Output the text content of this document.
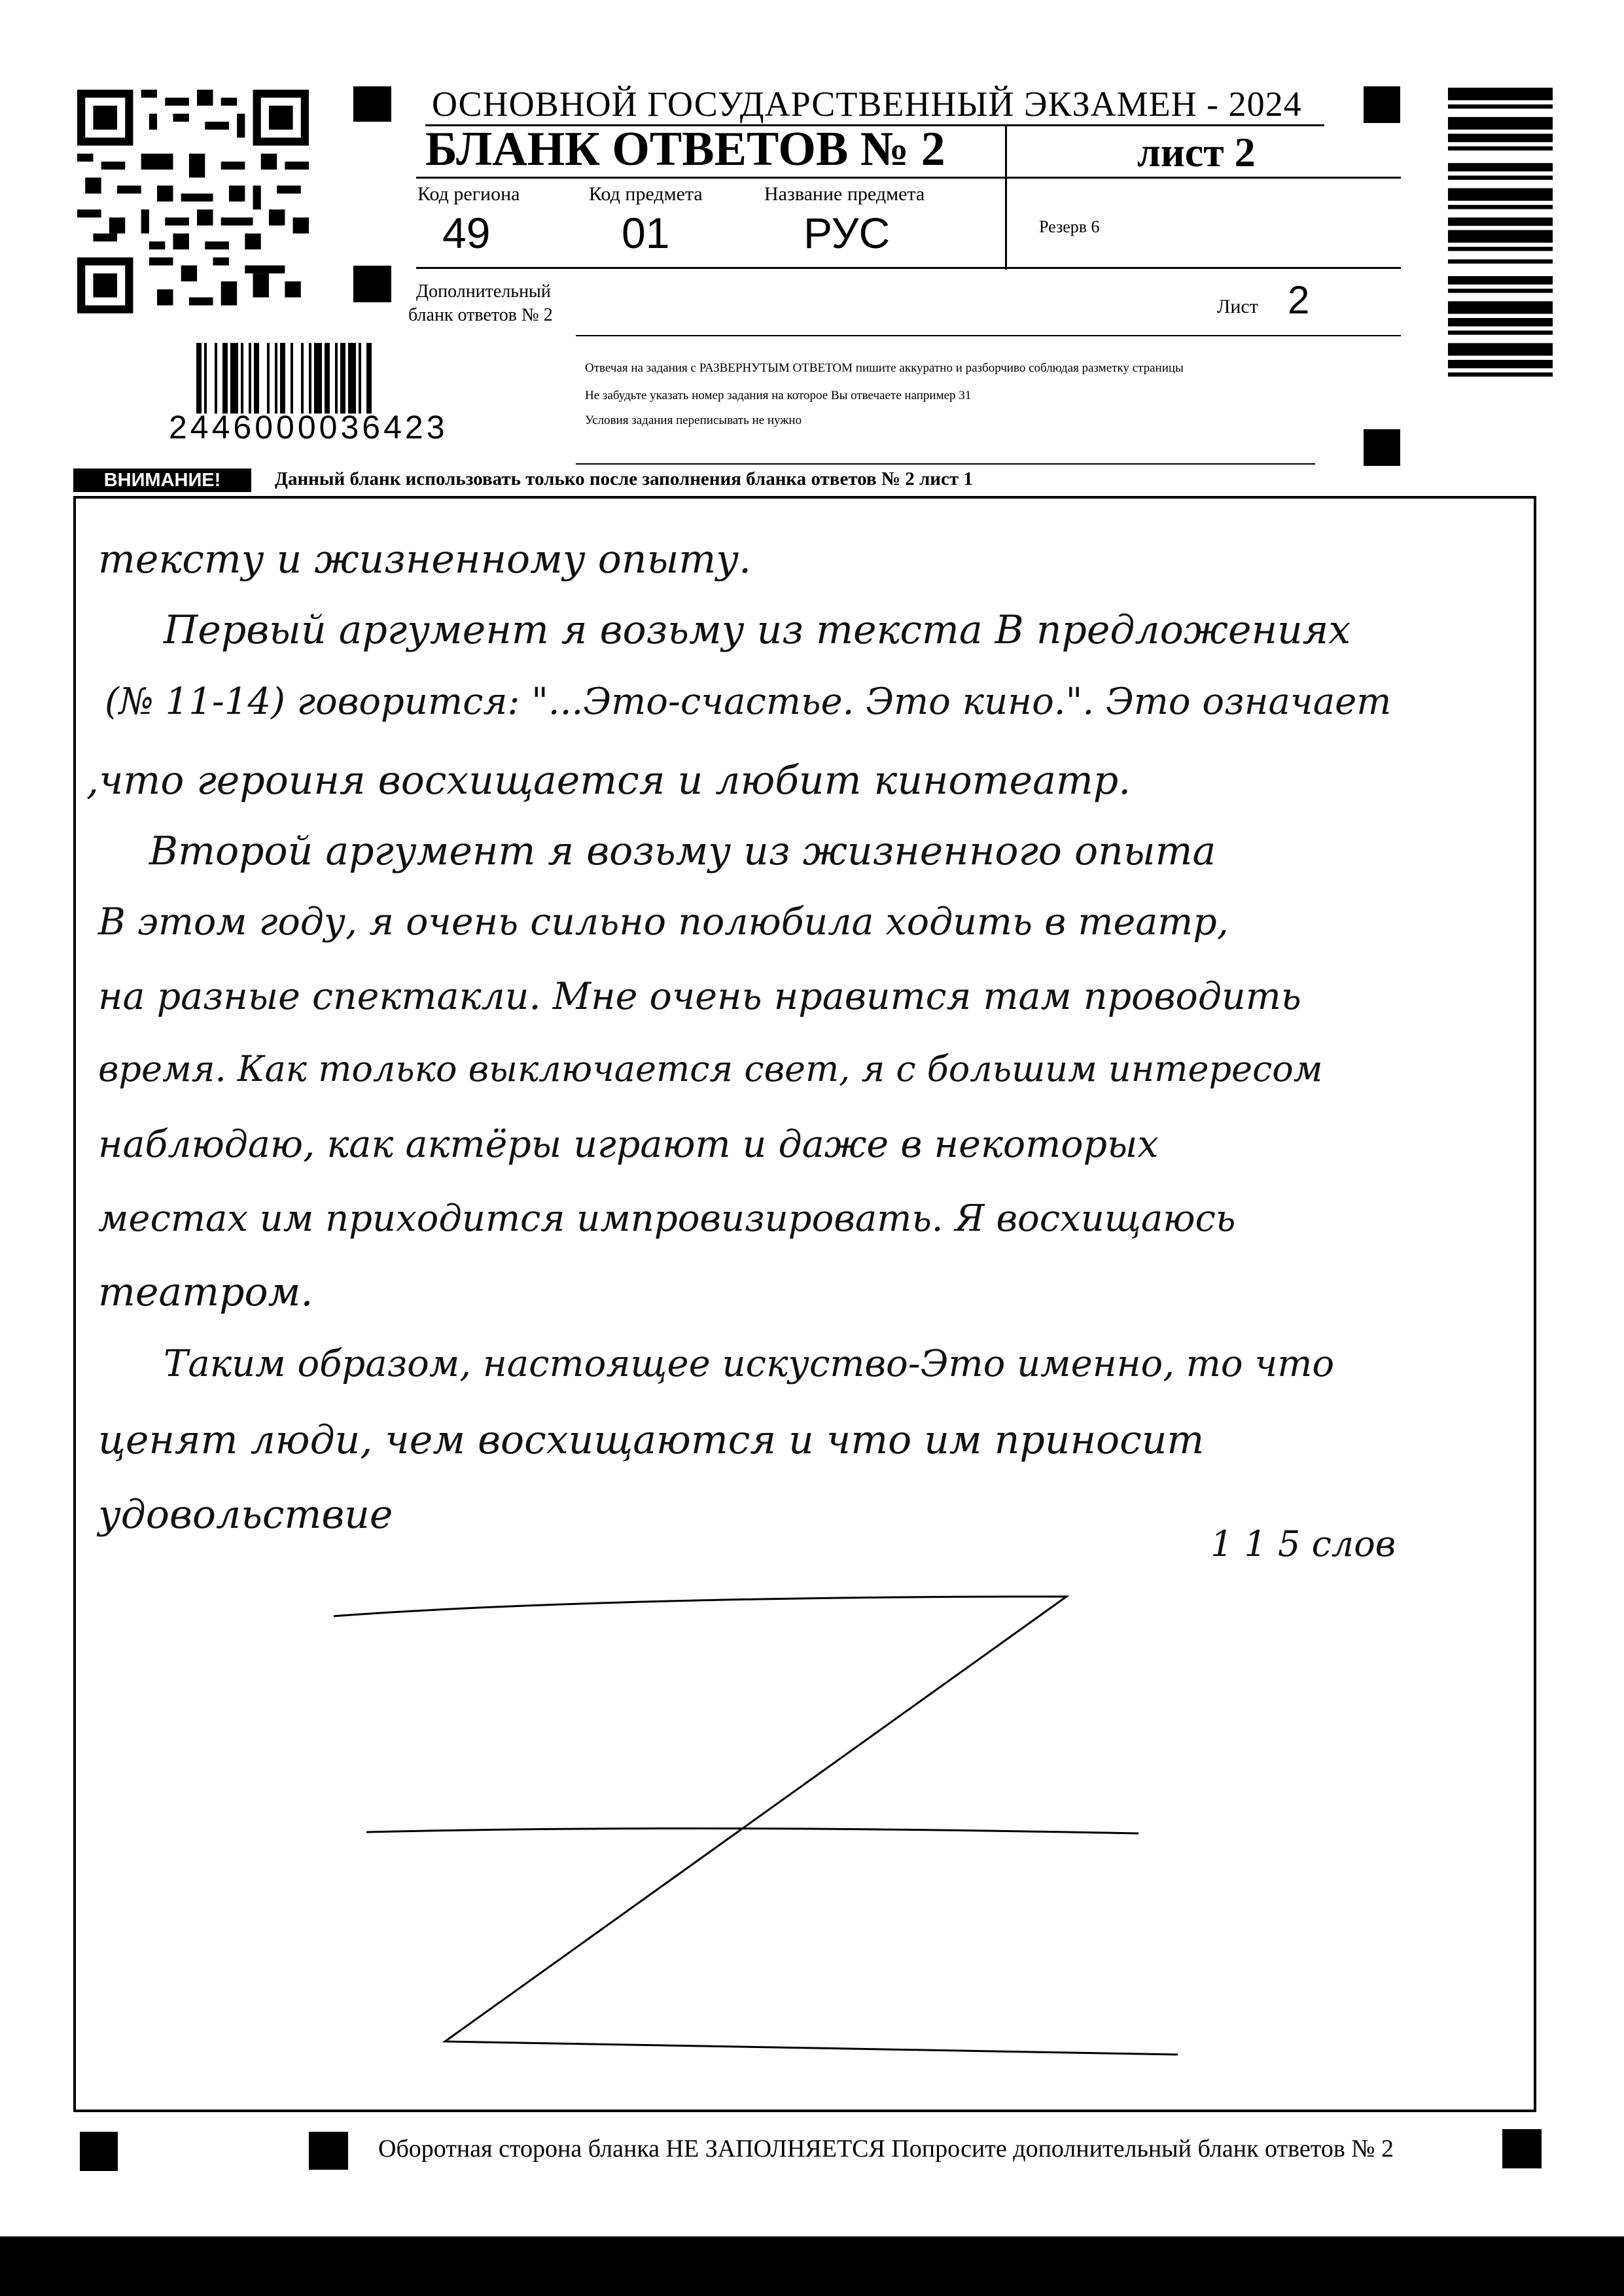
ОСНОВНОЙ ГОСУДАРСТВЕННЫЙ ЭКЗАМЕН - 2024
БЛАНК ОТВЕТОВ № 2	лист 2
Код региона
49
Код предмета
01
Название предмета
РУС	Резерв 6
Дополнительный
бланк ответов № 2	Лист 2
2446000036423
Отвечая на задания с РАЗВЕРНУТЫМ ОТВЕТОМ пишите аккуратно и разборчиво соблюдая разметку страницы
Не забудьте указать номер задания на которое Вы отвечаете например 31
Условия задания переписывать не нужно
ВНИМАНИЕ!	Данный бланк использовать только после заполнения бланка ответов № 2 лист 1
тексту и жизненному опыту.
Первый аргумент я возьму из текста В предложениях
(№ 11-14) говорится: "...Это-счастье. Это кино.". Это означает
,что героиня восхищается и любит кинотеатр.
Второй аргумент я возьму из жизненного опыта
В этом году, я очень сильно полюбила ходить в театр,
на разные спектакли. Мне очень нравится там проводить
время. Как только выключается свет, я с большим интересом
наблюдаю, как актёры играют и даже в некоторых
местах им приходится импровизировать. Я восхищаюсь
театром.
Таким образом, настоящее искуство-Это именно, то что
ценят люди, чем восхищаются и что им приносит
удовольствие
1 1 5 слов
Оборотная сторона бланка НЕ ЗАПОЛНЯЕТСЯ Попросите дополнительный бланк ответов № 2
